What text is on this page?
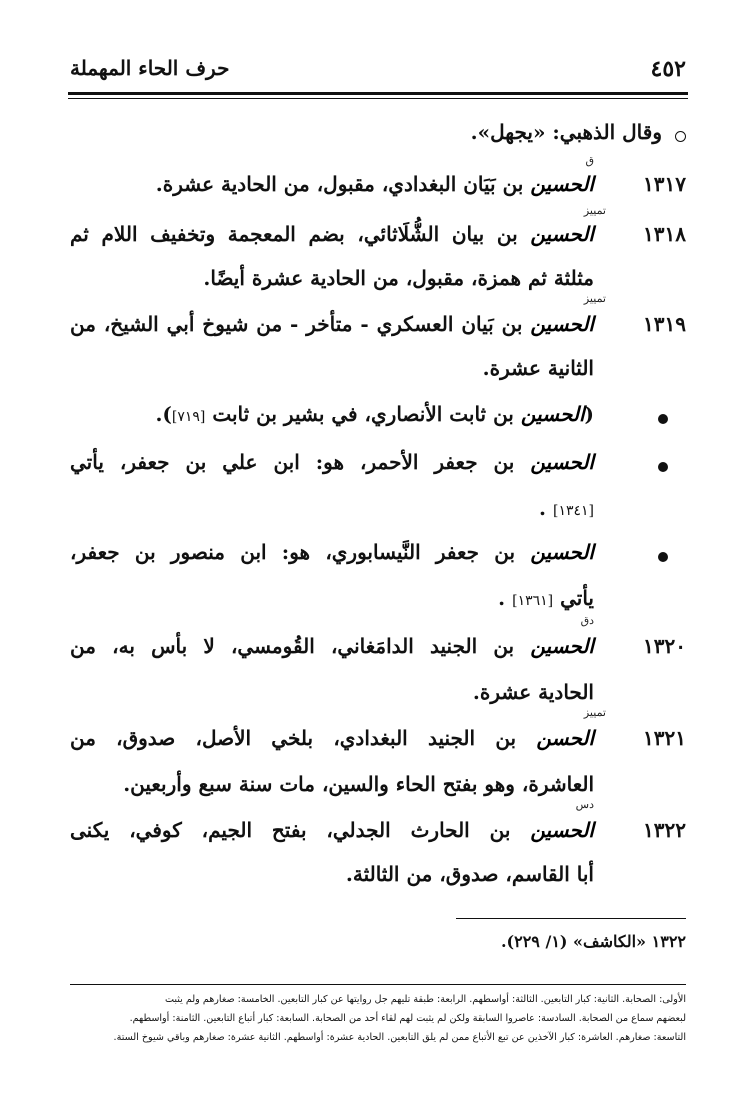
٤٥٢
حرف الحاء المهملة
وقال الذهبي: «يجهل».
ق
١٣١٧
الحسين بن بَيَان البغدادي، مقبول، من الحادية عشرة.
تمييز
١٣١٨
الحسين بن بيان الشُّلَاثائي، بضم المعجمة وتخفيف اللام ثم
مثلثة ثم همزة، مقبول، من الحادية عشرة أيضًا.
تمييز
١٣١٩
الحسين بن بَيان العسكري - متأخر - من شيوخ أبي الشيخ، من
الثانية عشرة.
(الحسين بن ثابت الأنصاري، في بشير بن ثابت [٧١٩]).
الحسين بن جعفر الأحمر، هو: ابن علي بن جعفر، يأتي
[١٣٤١] .
الحسين بن جعفر النَّيسابوري، هو: ابن منصور بن جعفر،
يأتي [١٣٦١] .
دق
١٣٢٠
الحسين بن الجنيد الدامَغاني، القُومسي، لا بأس به، من
الحادية عشرة.
تمييز
١٣٢١
الحسن بن الجنيد البغدادي، بلخي الأصل، صدوق، من
العاشرة، وهو بفتح الحاء والسين، مات سنة سبع وأربعين.
دس
١٣٢٢
الحسين بن الحارث الجدلي، بفتح الجيم، كوفي، يكنى
أبا القاسم، صدوق، من الثالثة.
١٣٢٢ «الكاشف» (١/ ٢٢٩).
الأولى: الصحابة. الثانية: كبار التابعين. الثالثة: أواسطهم. الرابعة: طبقة تليهم جل روايتها عن كبار التابعين. الخامسة: صغارهم ولم يثبت
لبعضهم سماع من الصحابة. السادسة: عاصروا السابقة ولكن لم يثبت لهم لقاء أحد من الصحابة. السابعة: كبار أتباع التابعين. الثامنة: أواسطهم.
التاسعة: صغارهم. العاشرة: كبار الآخذين عن تبع الأتباع ممن لم يلق التابعين. الحادية عشرة: أواسطهم. الثانية عشرة: صغارهم وباقي شيوخ الستة.
